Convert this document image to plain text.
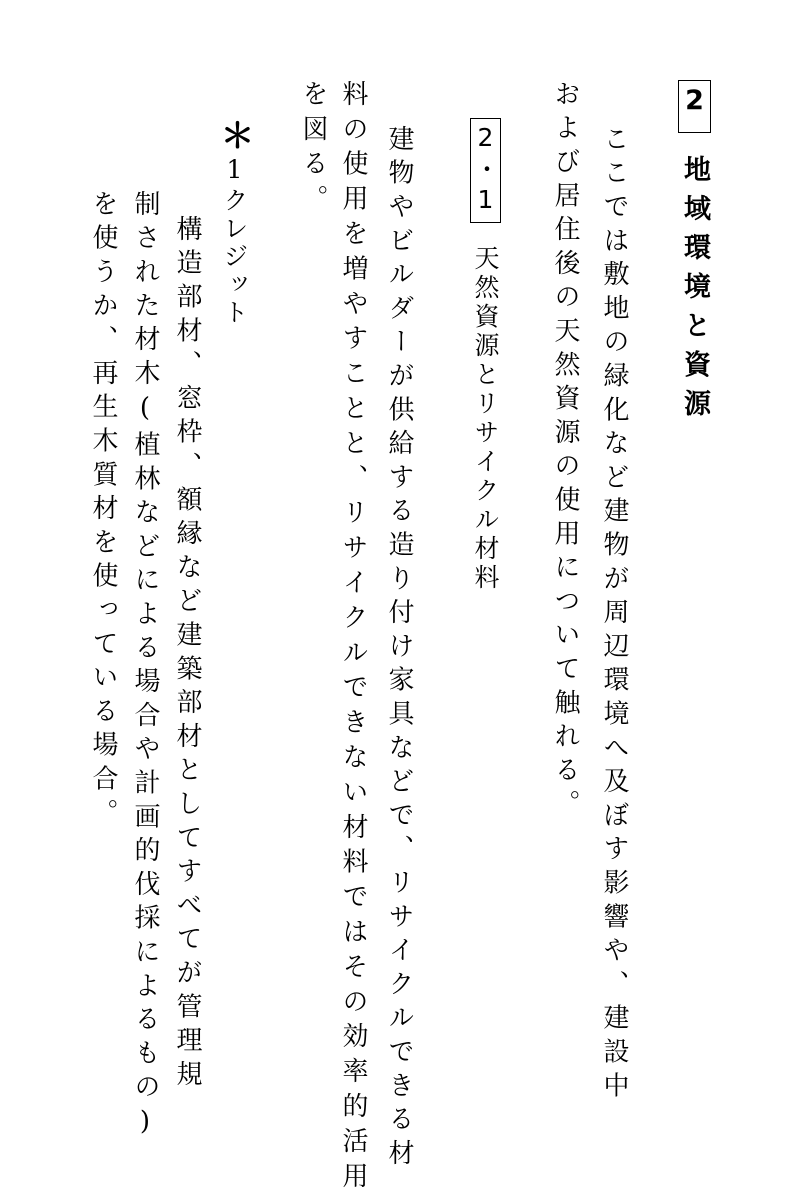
2地域環境と資源
ここでは敷地の緑化など建物が周辺環境へ及ぼす影響や、建設中
および居住後の天然資源の使用について触れる。
2・1天然資源とリサイクル材料
建物やビルダーが供給する造り付け家具などで、リサイクルできる材
料の使用を増やすことと、リサイクルできない材料ではその効率的活用
を図る。
＊1クレジット
構造部材、窓枠、額縁など建築部材としてすべてが管理規
制された材木(植林などによる場合や計画的伐採によるもの)
を使うか、再生木質材を使っている場合。
